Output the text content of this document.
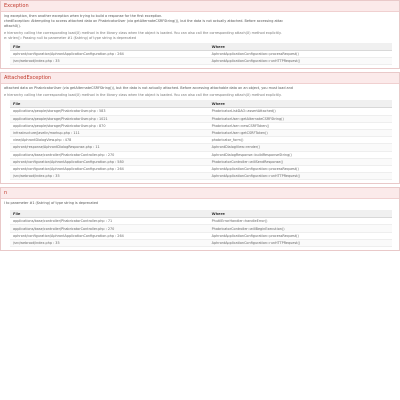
Exception
ing exception, then another exception when trying to build a response for the first exception.
chedException: Attempting to access attached data on PhabricatorUser (via getAlternateCSRFString()), but the data is not actually attached. Before accessing attac
attachX().
e hierarchy calling the corresponding load(X) method in the library class when the object is loaded. You can also call the corresponding attach(X) method explicitly.
e: strlen(): Passing null to parameter #1 ($string) of type string is deprecated
File	Where
aphront/configuration/AphrontApplicationConfiguration.php : 264	AphrontApplicationConfiguration::processRequest()
/src/webroot/index.php : 35	AphrontApplicationConfiguration::runHTTPRequest()
AttachedException
attached data on PhabricatorUser (via getAlternateCSRFString()), but the data is not actually attached. Before accessing attachable data on an object, you must load and
e hierarchy calling the corresponding load(X) method in the library class when the object is loaded. You can also call the corresponding attach(X) method explicitly.
File	Where
applications/people/storage/PhabricatorUser.php : 583	PhabricatorLiskDAO::assertAttached()
applications/people/storage/PhabricatorUser.php : 1021	PhabricatorUser::getAlternateCSRFString()
applications/people/storage/PhabricatorUser.php : 870	PhabricatorUser::newCSRFToken()
infrastructure/javelin/markup.php : 111	PhabricatorUser::getCSRFToken()
view/AphrontDialogView.php : 478	phabricator_form()
aphront/response/AphrontDialogResponse.php : 11	AphrontDialogView::render()
applications/base/controller/PhabricatorController.php : 270	AphrontDialogResponse::buildResponseString()
aphront/configuration/AphrontApplicationConfiguration.php : 580	PhabricatorController::willSendResponse()
aphront/configuration/AphrontApplicationConfiguration.php : 264	AphrontApplicationConfiguration::processRequest()
/src/webroot/index.php : 35	AphrontApplicationConfiguration::runHTTPRequest()
n
l to parameter #1 ($string) of type string is deprecated
File	Where
applications/base/controller/PhabricatorController.php : 71	PhutilErrorHandler::handleError()
applications/base/controller/PhabricatorController.php : 270	PhabricatorController::willBeginExecution()
aphront/configuration/AphrontApplicationConfiguration.php : 264	AphrontApplicationConfiguration::processRequest()
/src/webroot/index.php : 35	AphrontApplicationConfiguration::runHTTPRequest()
